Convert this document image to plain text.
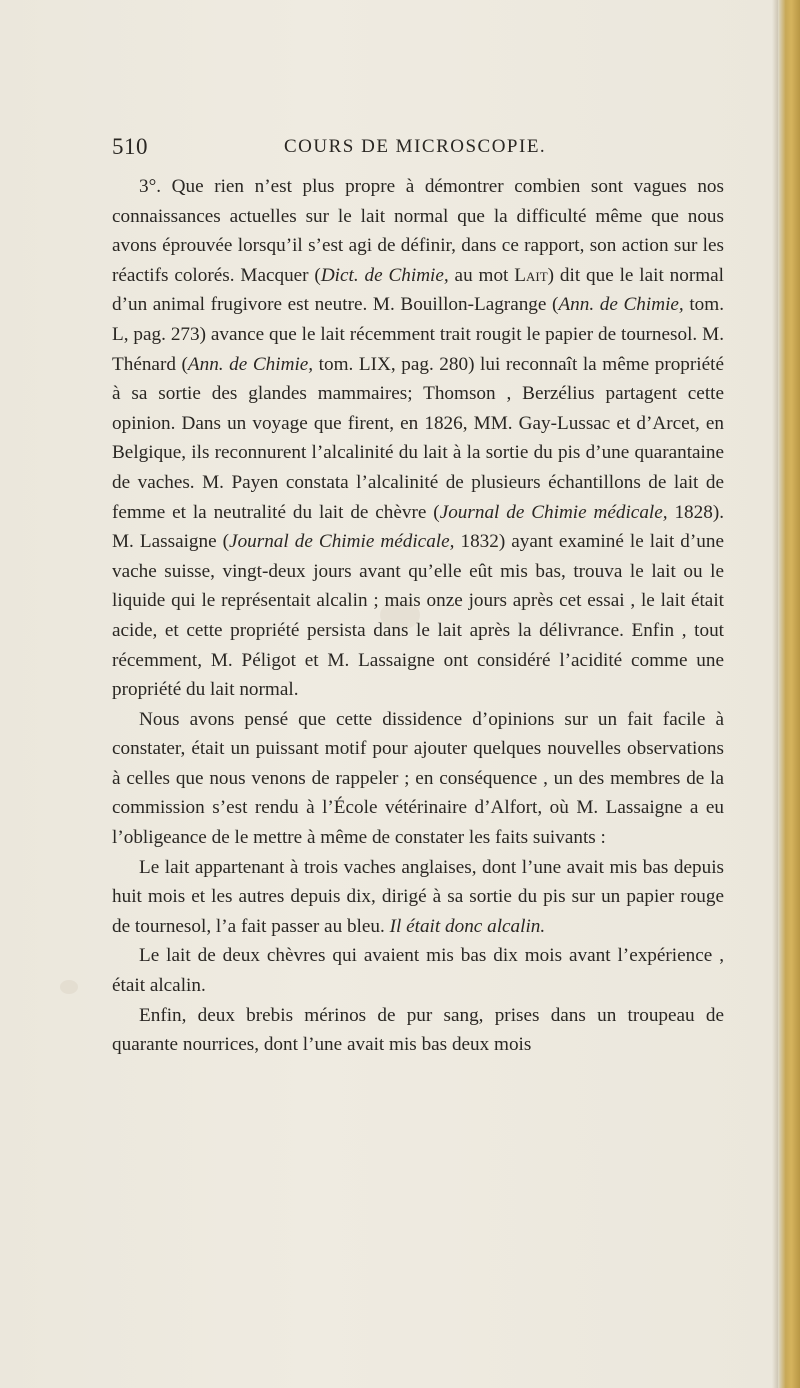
510	COURS DE MICROSCOPIE.

3°. Que rien n’est plus propre à démontrer combien sont vagues nos connaissances actuelles sur le lait normal que la difficulté même que nous avons éprouvée lorsqu’il s’est agi de définir, dans ce rapport, son action sur les réactifs colorés. Macquer (Dict. de Chimie, au mot Lait) dit que le lait normal d’un animal frugivore est neutre. M. Bouillon-Lagrange (Ann. de Chimie, tom. L, pag. 273) avance que le lait récemment trait rougit le papier de tournesol. M. Thénard (Ann. de Chimie, tom. LIX, pag. 280) lui reconnaît la même propriété à sa sortie des glandes mammaires; Thomson , Berzélius partagent cette opinion. Dans un voyage que firent, en 1826, MM. Gay-Lussac et d’Arcet, en Belgique, ils reconnurent l’alcalinité du lait à la sortie du pis d’une quarantaine de vaches. M. Payen constata l’alcalinité de plusieurs échantillons de lait de femme et la neutralité du lait de chèvre (Journal de Chimie médicale, 1828). M. Lassaigne (Journal de Chimie médicale, 1832) ayant examiné le lait d’une vache suisse, vingt-deux jours avant qu’elle eût mis bas, trouva le lait ou le liquide qui le représentait alcalin ; mais onze jours après cet essai , le lait était acide, et cette propriété persista dans le lait après la délivrance. Enfin , tout récemment, M. Péligot et M. Lassaigne ont considéré l’acidité comme une propriété du lait normal.

Nous avons pensé que cette dissidence d’opinions sur un fait facile à constater, était un puissant motif pour ajouter quelques nouvelles observations à celles que nous venons de rappeler ; en conséquence , un des membres de la commission s’est rendu à l’École vétérinaire d’Alfort, où M. Lassaigne a eu l’obligeance de le mettre à même de constater les faits suivants :

Le lait appartenant à trois vaches anglaises, dont l’une avait mis bas depuis huit mois et les autres depuis dix, dirigé à sa sortie du pis sur un papier rouge de tournesol, l’a fait passer au bleu. Il était donc alcalin.

Le lait de deux chèvres qui avaient mis bas dix mois avant l’expérience , était alcalin.

Enfin, deux brebis mérinos de pur sang, prises dans un troupeau de quarante nourrices, dont l’une avait mis bas deux mois
